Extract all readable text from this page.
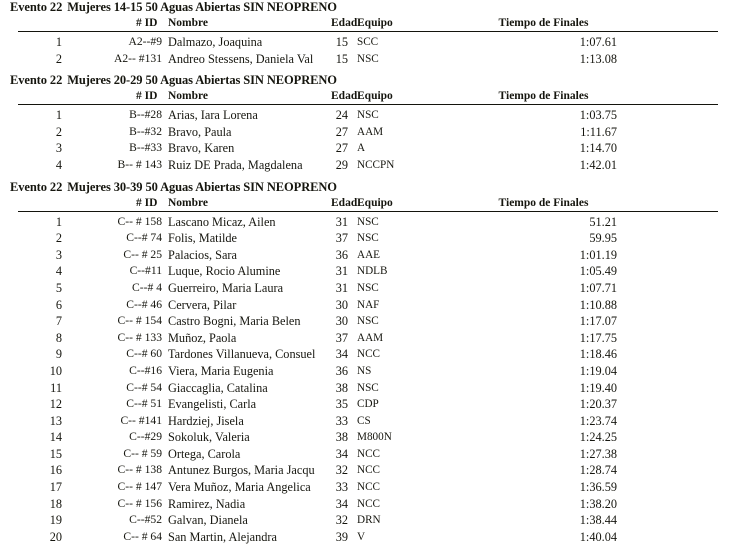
Evento 22 Mujeres 14-15 50 Aguas Abiertas SIN NEOPRENO
# ID Nombre	Edad Equipo	Tiempo de Finales
1	A2--#9 Dalmazo, Joaquina	15 SCC	1:07.61
2	A2-- #131 Andreo Stessens, Daniela Val	15 NSC	1:13.08
Evento 22 Mujeres 20-29 50 Aguas Abiertas SIN NEOPRENO
# ID Nombre	Edad Equipo	Tiempo de Finales
1	B--#28 Arias, Iara Lorena	24 NSC	1:03.75
2	B--#32 Bravo, Paula	27 AAM	1:11.67
3	B--#33 Bravo, Karen	27 A	1:14.70
4	B-- # 143 Ruiz DE Prada, Magdalena	29 NCCPN	1:42.01
Evento 22 Mujeres 30-39 50 Aguas Abiertas SIN NEOPRENO
# ID Nombre	Edad Equipo	Tiempo de Finales
1	C-- # 158 Lascano Micaz, Ailen	31 NSC	51.21
2	C--# 74 Folis, Matilde	37 NSC	59.95
3	C-- # 25 Palacios, Sara	36 AAE	1:01.19
4	C--#11 Luque, Rocio Alumine	31 NDLB	1:05.49
5	C--# 4 Guerreiro, Maria Laura	31 NSC	1:07.71
6	C--# 46 Cervera, Pilar	30 NAF	1:10.88
7	C-- # 154 Castro Bogni, Maria Belen	30 NSC	1:17.07
8	C-- # 133 Muñoz, Paola	37 AAM	1:17.75
9	C--# 60 Tardones Villanueva, Consuel	34 NCC	1:18.46
10	C--#16 Viera, Maria Eugenia	36 NS	1:19.04
11	C--# 54 Giaccaglia, Catalina	38 NSC	1:19.40
12	C--# 51 Evangelisti, Carla	35 CDP	1:20.37
13	C-- #141 Hardziej, Jisela	33 CS	1:23.74
14	C--#29 Sokoluk, Valeria	38 M800N	1:24.25
15	C-- # 59 Ortega, Carola	34 NCC	1:27.38
16	C-- # 138 Antunez Burgos, Maria Jacqu	32 NCC	1:28.74
17	C-- # 147 Vera Muñoz, Maria Angelica	33 NCC	1:36.59
18	C-- # 156 Ramirez, Nadia	34 NCC	1:38.20
19	C--#52 Galvan, Dianela	32 DRN	1:38.44
20	C-- # 64 San Martin, Alejandra	39 V	1:40.04
